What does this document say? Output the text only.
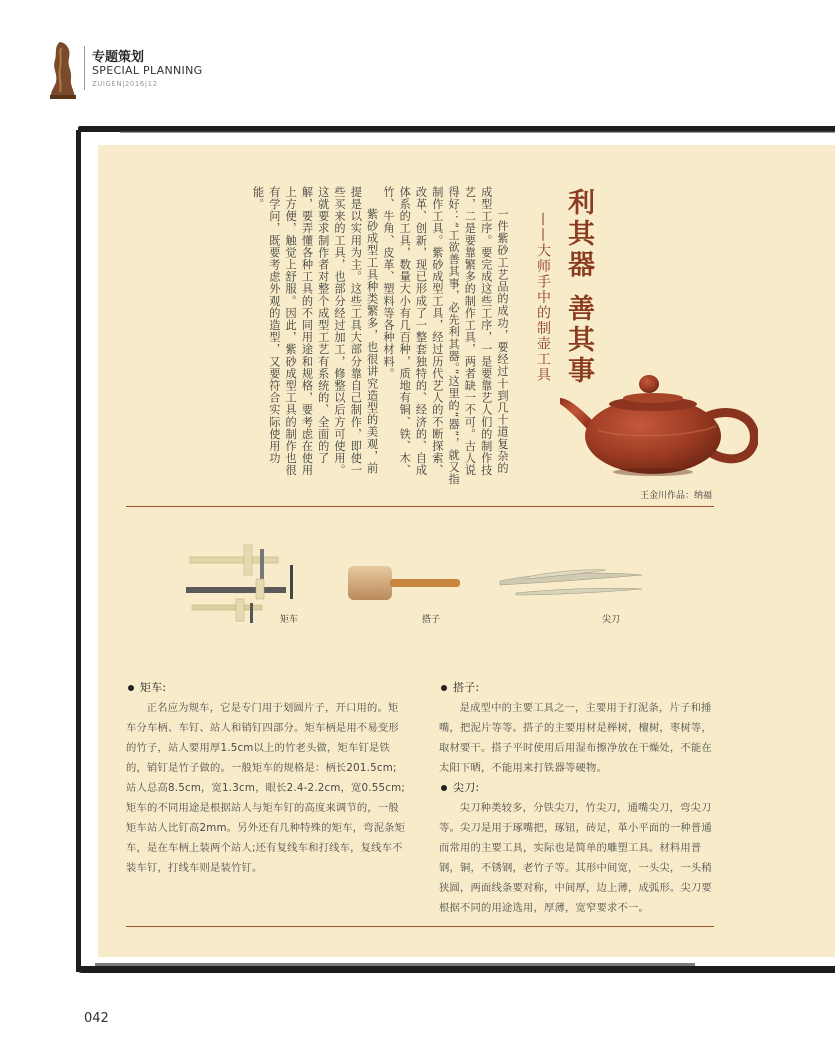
专题策划
SPECIAL PLANNING
ZUIGEN|2016|12
利其器 善其事
——大师手中的制壶工具

一件紫砂工艺品的成功，要经过十到几十道复杂的成型工序。要完成这些工序，一是要靠艺人们的制作技艺，二是要靠繁多的制作工具，两者缺一不可。古人说得好：“工欲善其事，必先利其器。”这里的“器”，就又指制作工具。紫砂成型工具，经过历代艺人的不断探索、改革、创新，现已形成了一整套独特的、经济的、自成体系的工具，数量大小有几百种，质地有铜、铁、木、竹、牛角、皮革、塑料等各种材料。

紫砂成型工具种类繁多，也很讲究造型的美观，前提是以实用为主。这些工具大部分靠自己制作，即使一些买来的工具，也部分经过加工，修整以后方可使用。这就要求制作者对整个成型工艺有系统的、全面的了解，要弄懂各种工具的不同用途和规格，要考虑在使用上方便，触觉上舒服。因此，紫砂成型工具的制作也很有学问，既要考虑外观的造型，又要符合实际使用功能。

王金川作品：纳福
矩车	搭子	尖刀
矩车:

正名应为规车，它是专门用于划圆片子，开口用的。矩车分车柄、车钉、站人和销钉四部分。矩车柄是用不易变形的竹子，站人要用厚1.5cm以上的竹老头做，矩车钉是铁的，销钉是竹子做的。一般矩车的规格是：柄长201.5cm;站人总高8.5cm，宽1.3cm，眼长2.4-2.2cm，宽0.55cm;矩车的不同用途是根据站人与矩车钉的高度来调节的，一般矩车站人比钉高2mm。另外还有几种特殊的矩车，弯泥条矩车，是在车柄上装两个站人;还有复线车和打线车，复线车不装车钉，打线车则是装竹钉。

搭子:

是成型中的主要工具之一，主要用于打泥条，片子和捶嘴，把泥片等等。搭子的主要用材是榉树，檀树，枣树等，取材要干。搭子平时使用后用湿布擦净放在干燥处，不能在太阳下晒，不能用来打铁器等硬物。

尖刀:

尖刀种类较多，分铁尖刀，竹尖刀，通嘴尖刀，弯尖刀等。尖刀是用于琢嘴把，琢钮，砖足，革小平面的一种普通而常用的主要工具，实际也是简单的雕塑工具。材料用普钢，铜，不锈钢，老竹子等。其形中间宽，一头尖，一头稍狭圆，两面线条要对称，中间厚，边上薄，成弧形。尖刀要根据不同的用途选用，厚薄，宽窄要求不一。

042
